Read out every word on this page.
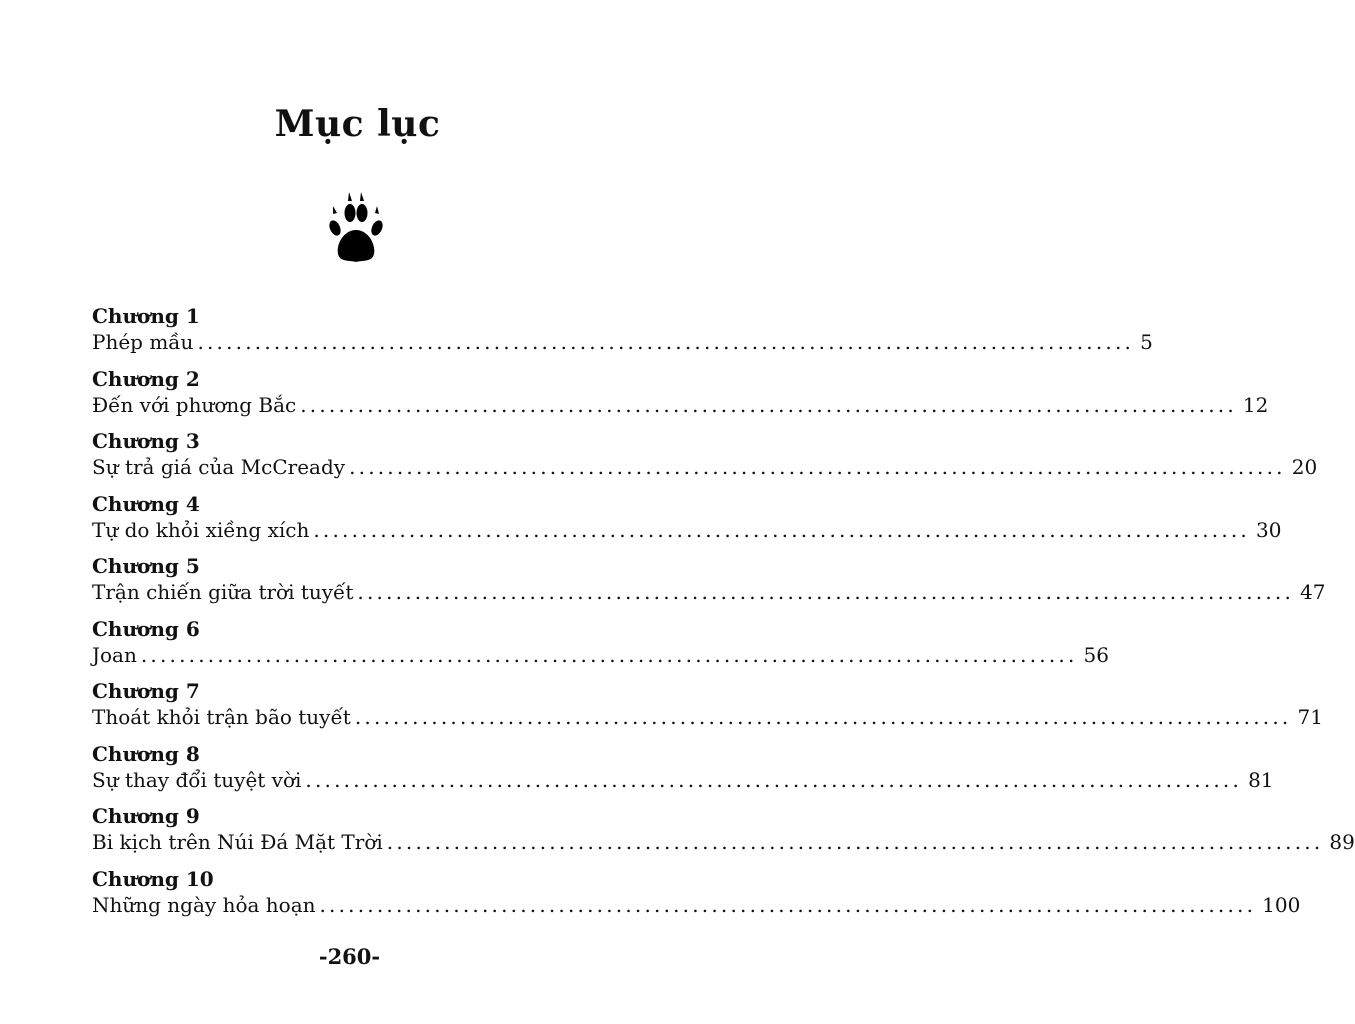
Mục lục
Chương 1
Phép mầu .................................................................................................. 5
Chương 2
Đến với phương Bắc .................................................................................................. 12
Chương 3
Sự trả giá của McCready .................................................................................................. 20
Chương 4
Tự do khỏi xiềng xích .................................................................................................. 30
Chương 5
Trận chiến giữa trời tuyết .................................................................................................. 47
Chương 6
Joan .................................................................................................. 56
Chương 7
Thoát khỏi trận bão tuyết .................................................................................................. 71
Chương 8
Sự thay đổi tuyệt vời .................................................................................................. 81
Chương 9
Bi kịch trên Núi Đá Mặt Trời .................................................................................................. 89
Chương 10
Những ngày hỏa hoạn .................................................................................................. 100
-260-
